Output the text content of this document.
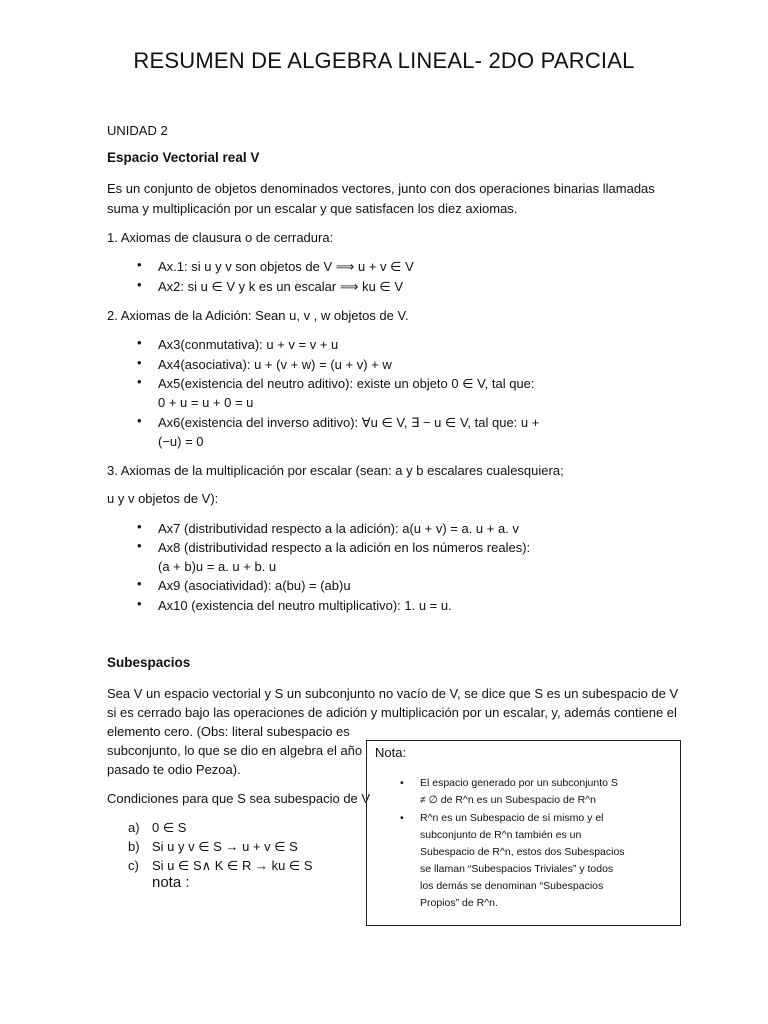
RESUMEN DE ALGEBRA LINEAL- 2DO PARCIAL
UNIDAD 2
Espacio Vectorial real V
Es un conjunto de objetos denominados vectores, junto con dos operaciones binarias llamadas
suma y multiplicación por un escalar y que satisfacen los diez axiomas.
1. Axiomas de clausura o de cerradura:
• Ax.1: si u y v son objetos de V ⟹ u + v ∈ V
• Ax2: si u ∈ V y k es un escalar ⟹ ku ∈ V
2. Axiomas de la Adición: Sean u, v , w objetos de V.
• Ax3(conmutativa): u + v = v + u
• Ax4(asociativa): u + (v + w) = (u + v) + w
• Ax5(existencia del neutro aditivo): existe un objeto 0 ∈ V, tal que:
0 + u = u + 0 = u
• Ax6(existencia del inverso aditivo): ∀u ∈ V, ∃ − u ∈ V, tal que: u +
(−u) = 0
3. Axiomas de la multiplicación por escalar (sean: a y b escalares cualesquiera;
u y v objetos de V):
• Ax7 (distributividad respecto a la adición): a(u + v) = a. u + a. v
• Ax8 (distributividad respecto a la adición en los números reales):
(a + b)u = a. u + b. u
• Ax9 (asociatividad): a(bu) = (ab)u
• Ax10 (existencia del neutro multiplicativo): 1. u = u.
Subespacios
Sea V un espacio vectorial y S un subconjunto no vacío de V, se dice que S es un subespacio de V
si es cerrado bajo las operaciones de adición y multiplicación por un escalar, y, además contiene el
elemento cero. (Obs: literal subespacio es
subconjunto, lo que se dio en algebra el año
pasado te odio Pezoa).
Condiciones para que S sea subespacio de V
a) 0 ∈ S
b) Si u y v ∈ S → u + v ∈ S
c) Si u ∈ S∧ K ∈ R → ku ∈ S
nota :
Nota:
• El espacio generado por un subconjunto S
≠ ∅ de R^n es un Subespacio de R^n
• R^n es un Subespacio de sí mismo y el
subconjunto de R^n también es un
Subespacio de R^n, estos dos Subespacios
se llaman “Subespacios Triviales” y todos
los demás se denominan “Subespacios
Propios” de R^n.
